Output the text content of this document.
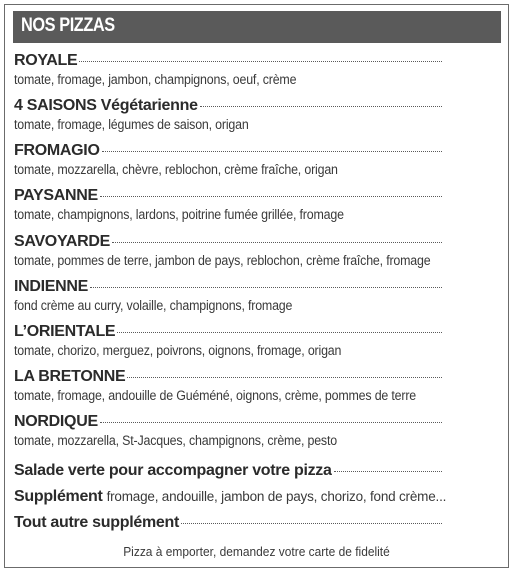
NOS PIZZAS
ROYALE
tomate, fromage, jambon, champignons, oeuf, crème
4 SAISONS Végétarienne
tomate, fromage, légumes de saison, origan
FROMAGIO
tomate, mozzarella, chèvre, reblochon, crème fraîche, origan
PAYSANNE
tomate, champignons, lardons, poitrine fumée grillée, fromage
SAVOYARDE
tomate, pommes de terre, jambon de pays, reblochon, crème fraîche, fromage
INDIENNE
fond crème au curry, volaille, champignons, fromage
L’ORIENTALE
tomate, chorizo, merguez, poivrons, oignons, fromage, origan
LA BRETONNE
tomate, fromage, andouille de Guéméné, oignons, crème, pommes de terre
NORDIQUE
tomate, mozzarella, St-Jacques, champignons, crème, pesto
Salade verte pour accompagner votre pizza
Supplément fromage, andouille, jambon de pays, chorizo, fond crème...
Tout autre supplément
Pizza à emporter, demandez votre carte de fidelité
